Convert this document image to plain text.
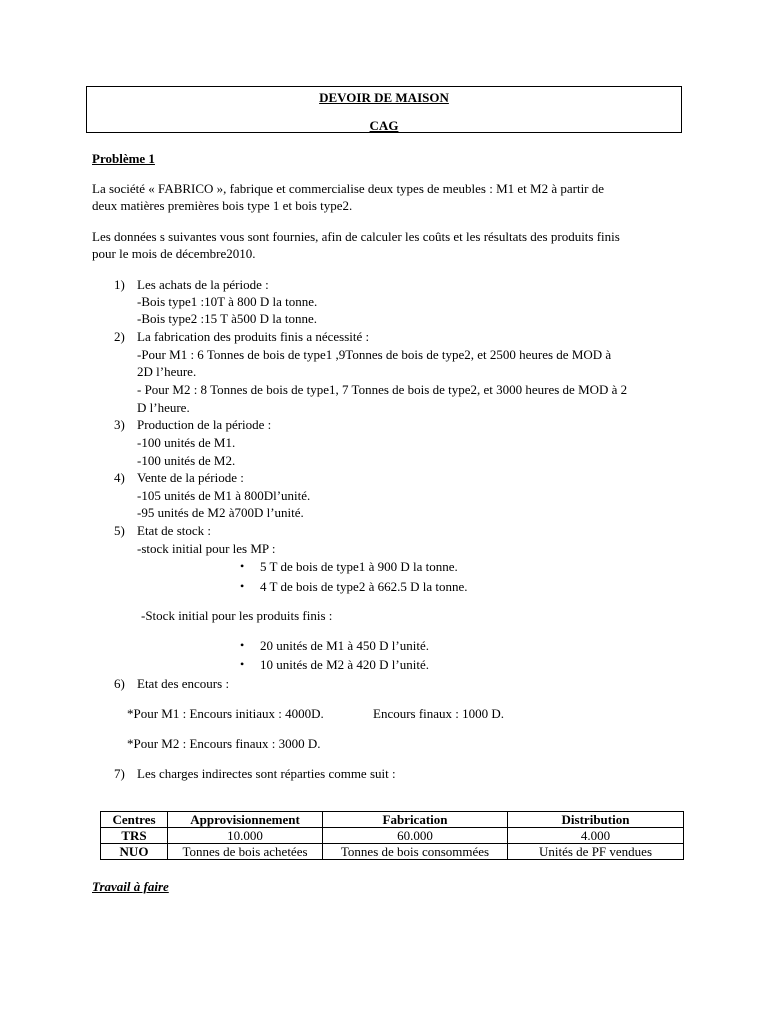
DEVOIR DE MAISON
CAG
Problème 1
La société « FABRICO », fabrique et commercialise deux types de meubles : M1 et M2 à partir de
deux matières premières bois type 1 et bois type2.
Les données s suivantes vous sont fournies, afin de calculer les coûts et les résultats des produits finis
pour le mois de décembre2010.
1) Les achats de la période :
-Bois type1 :10T à 800 D la tonne.
-Bois type2 :15 T à500 D la tonne.
2) La fabrication des produits finis a nécessité :
-Pour M1 : 6 Tonnes de bois de type1 ,9Tonnes de bois de type2, et 2500 heures de MOD à
2D l’heure.
- Pour M2 : 8 Tonnes de bois de type1, 7 Tonnes de bois de type2, et 3000 heures de MOD à 2
D l’heure.
3) Production de la période :
-100 unités de M1.
-100 unités de M2.
4) Vente de la période :
-105 unités de M1 à 800Dl’unité.
-95 unités de M2 à700D l’unité.
5) Etat de stock :
-stock initial pour les MP :
• 5 T de bois de type1 à 900 D la tonne.
• 4 T de bois de type2 à 662.5 D la tonne.
-Stock initial pour les produits finis :
• 20 unités de M1 à 450 D l’unité.
• 10 unités de M2 à 420 D l’unité.
6) Etat des encours :
*Pour M1 : Encours initiaux : 4000D.	Encours finaux : 1000 D.
*Pour M2 : Encours finaux : 3000 D.
7) Les charges indirectes sont réparties comme suit :
Centres	Approvisionnement	Fabrication	Distribution
TRS	10.000	60.000	4.000
NUO	Tonnes de bois achetées	Tonnes de bois consommées	Unités de PF vendues
Travail à faire
